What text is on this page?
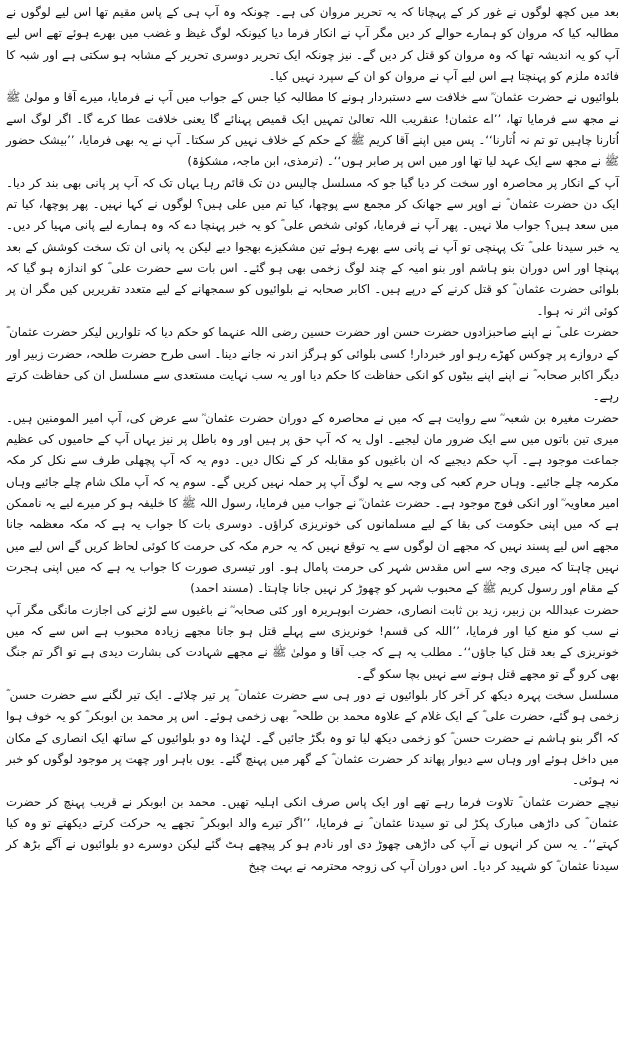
بعد میں کچھ لوگوں نے غور کر کے پہچانا کہ یہ تحریر مروان کی ہے۔ چونکہ وہ آپ ہی کے پاس مقیم تھا اس لیے لوگوں نے مطالبہ کیا کہ مروان کو ہمارے حوالے کر دیں مگر آپ نے انکار فرما دیا کیونکہ لوگ غیظ و غضب میں بھرے ہوئے تھے اس لیے آپ کو یہ اندیشہ تھا کہ وہ مروان کو قتل کر دیں گے۔ نیز چونکہ ایک تحریر دوسری تحریر کے مشابہ ہو سکتی ہے اور شبہ کا فائدہ ملزم کو پہنچتا ہے اس لیے آپ نے مروان کو ان کے سپرد نہیں کیا۔

بلوائیوں نے حضرت عثمان ؓ سے خلافت سے دستبردار ہونے کا مطالبہ کیا جس کے جواب میں آپ نے فرمایا، میرے آقا و مولیٰ ﷺ نے مجھ سے فرمایا تھا، ’’اے عثمان! عنقریب اللہ تعالیٰ تمہیں ایک قمیص پہنائے گا یعنی خلافت عطا کرے گا۔ اگر لوگ اسے اُتارنا چاہیں تو تم نہ اُتارنا‘‘۔ پس میں اپنے آقا کریم ﷺ کے حکم کے خلاف نہیں کر سکتا۔ آپ نے یہ بھی فرمایا، ’’بیشک حضور ﷺ نے مجھ سے ایک عہد لیا تھا اور میں اس پر صابر ہوں‘‘۔ (ترمذی، ابن ماجہ، مشکوٰۃ)

آپ کے انکار پر محاصرہ اور سخت کر دیا گیا جو کہ مسلسل چالیس دن تک قائم رہا یہاں تک کہ آپ پر پانی بھی بند کر دیا۔ ایک دن حضرت عثمان ؓ نے اوپر سے جھانک کر مجمع سے پوچھا، کیا تم میں علی ہیں؟ لوگوں نے کہا نہیں۔ پھر پوچھا، کیا تم میں سعد ہیں؟ جواب ملا نہیں۔ پھر آپ نے فرمایا، کوئی شخص علی ؓ کو یہ خبر پہنچا دے کہ وہ ہمارے لیے پانی مہیا کر دیں۔ یہ خبر سیدنا علی ؓ تک پہنچی تو آپ نے پانی سے بھرے ہوئے تین مشکیزے بھجوا دیے لیکن یہ پانی ان تک سخت کوشش کے بعد پہنچا اور اس دوران بنو ہاشم اور بنو امیہ کے چند لوگ زخمی بھی ہو گئے۔ اس بات سے حضرت علی ؓ کو اندازہ ہو گیا کہ بلوائی حضرت عثمان ؓ کو قتل کرنے کے درپے ہیں۔ اکابر صحابہ نے بلوائیوں کو سمجھانے کے لیے متعدد تقریریں کیں مگر ان پر کوئی اثر نہ ہوا۔

حضرت علی ؓ نے اپنے صاحبزادوں حضرت حسن اور حضرت حسین رضی اللہ عنہما کو حکم دیا کہ تلواریں لیکر حضرت عثمان ؓ کے دروازے پر چوکس کھڑے رہو اور خبردار! کسی بلوائی کو ہرگز اندر نہ جانے دینا۔ اسی طرح حضرت طلحہ، حضرت زبیر اور دیگر اکابر صحابہ ؓ نے اپنے اپنے بیٹوں کو انکی حفاظت کا حکم دیا اور یہ سب نہایت مستعدی سے مسلسل ان کی حفاظت کرتے رہے۔

حضرت مغیرہ بن شعبہ ؓ سے روایت ہے کہ میں نے محاصرہ کے دوران حضرت عثمان ؓ سے عرض کی، آپ امیر المومنین ہیں۔ میری تین باتوں میں سے ایک ضرور مان لیجیے۔ اول یہ کہ آپ حق پر ہیں اور وہ باطل پر نیز یہاں آپ کے حامیوں کی عظیم جماعت موجود ہے۔ آپ حکم دیجیے کہ ان باغیوں کو مقابلہ کر کے نکال دیں۔ دوم یہ کہ آپ پچھلی طرف سے نکل کر مکہ مکرمہ چلے جائیے۔ وہاں حرم کعبہ کی وجہ سے یہ لوگ آپ پر حملہ نہیں کریں گے۔ سوم یہ کہ آپ ملک شام چلے جائیے وہاں امیر معاویہ ؓ اور انکی فوج موجود ہے۔ حضرت عثمان ؓ نے جواب میں فرمایا، رسول اللہ ﷺ کا خلیفہ ہو کر میرے لیے یہ ناممکن ہے کہ میں اپنی حکومت کی بقا کے لیے مسلمانوں کی خونریزی کراؤں۔ دوسری بات کا جواب یہ ہے کہ مکہ معظمہ جانا مجھے اس لیے پسند نہیں کہ مجھے ان لوگوں سے یہ توقع نہیں کہ یہ حرم مکہ کی حرمت کا کوئی لحاظ کریں گے اس لیے میں نہیں چاہتا کہ میری وجہ سے اس مقدس شہر کی حرمت پامال ہو۔ اور تیسری صورت کا جواب یہ ہے کہ میں اپنی ہجرت کے مقام اور رسول کریم ﷺ کے محبوب شہر کو چھوڑ کر نہیں جانا چاہتا۔ (مسند احمد)

حضرت عبداللہ بن زبیر، زید بن ثابت انصاری، حضرت ابوہریرہ اور کئی صحابہ ؓ نے باغیوں سے لڑنے کی اجازت مانگی مگر آپ نے سب کو منع کیا اور فرمایا، ’’اللہ کی قسم! خونریزی سے پہلے قتل ہو جانا مجھے زیادہ محبوب ہے اس سے کہ میں خونریزی کے بعد قتل کیا جاؤں‘‘۔ مطلب یہ ہے کہ جب آقا و مولیٰ ﷺ نے مجھے شہادت کی بشارت دیدی ہے تو اگر تم جنگ بھی کرو گے تو مجھے قتل ہونے سے نہیں بچا سکو گے۔

مسلسل سخت پہرہ دیکھ کر آخر کار بلوائیوں نے دور ہی سے حضرت عثمان ؓ پر تیر چلائے۔ ایک تیر لگنے سے حضرت حسن ؓ زخمی ہو گئے، حضرت علی ؓ کے ایک غلام کے علاوہ محمد بن طلحہ ؓ بھی زخمی ہوئے۔ اس پر محمد بن ابوبکر ؓ کو یہ خوف ہوا کہ اگر بنو ہاشم نے حضرت حسن ؓ کو زخمی دیکھ لیا تو وہ بگڑ جائیں گے۔ لہٰذا وہ دو بلوائیوں کے ساتھ ایک انصاری کے مکان میں داخل ہوئے اور وہاں سے دیوار پھاند کر حضرت عثمان ؓ کے گھر میں پہنچ گئے۔ یوں باہر اور چھت پر موجود لوگوں کو خبر نہ ہوئی۔

نیچے حضرت عثمان ؓ تلاوت فرما رہے تھے اور ایک پاس صرف انکی اہلیہ تھیں۔ محمد بن ابوبکر نے قریب پہنچ کر حضرت عثمان ؓ کی داڑھی مبارک پکڑ لی تو سیدنا عثمان ؓ نے فرمایا، ’’اگر تیرے والد ابوبکر ؓ تجھے یہ حرکت کرتے دیکھتے تو وہ کیا کہتے‘‘۔ یہ سن کر انہوں نے آپ کی داڑھی چھوڑ دی اور نادم ہو کر پیچھے ہٹ گئے لیکن دوسرے دو بلوائیوں نے آگے بڑھ کر سیدنا عثمان ؓ کو شہید کر دیا۔ اس دوران آپ کی زوجہ محترمہ نے بہت چیخ
